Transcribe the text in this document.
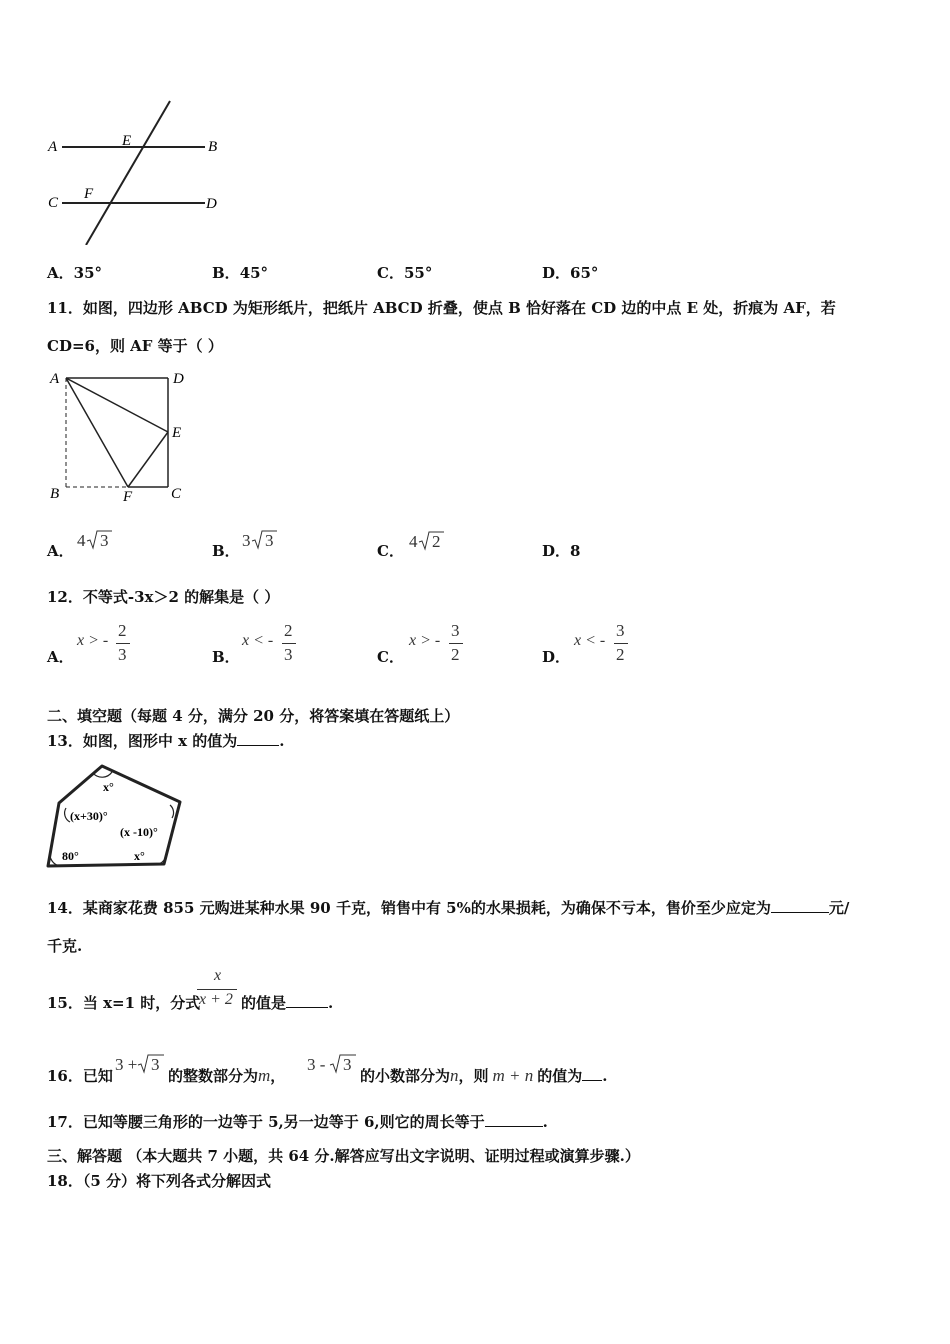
A	E	B
C
F
D
A．35°	B．45°	C．55°	D．65°
11．如图，四边形 ABCD 为矩形纸片，把纸片 ABCD 折叠，使点 B 恰好落在 CD 边的中点 E 处，折痕为 AF，若
CD=6，则 AF 等于（ ）
A	D
E
B	F	C
A．
4 3
B．
3 3
C． 4 2	D．8
12．不等式-3x＞2 的解集是（ ）
A．
x > -
2
3	B．
x < -
2
3	C．
x > -
3
2	D．
x < -
3
2
二、填空题（每题 4 分，满分 20 分，将答案填在答题纸上）
13．如图，图形中 x 的值为	.
x°
(x+30)°
(x -10)°
80°	x°
14．某商家花费 855 元购进某种水果 90 千克，销售中有 5%的水果损耗，为确保不亏本，售价至少应定为	元/
千克.
15．当 x=1 时，分式
x
x + 2 的值是	.
16．已知
3 + 3
的整数部分为m，
3 - 3
的小数部分为n，则 m + n 的值为 .
17．已知等腰三角形的一边等于 5,另一边等于 6,则它的周长等于	.
三、解答题 （本大题共 7 小题，共 64 分.解答应写出文字说明、证明过程或演算步骤.）
18．（5 分）将下列各式分解因式
